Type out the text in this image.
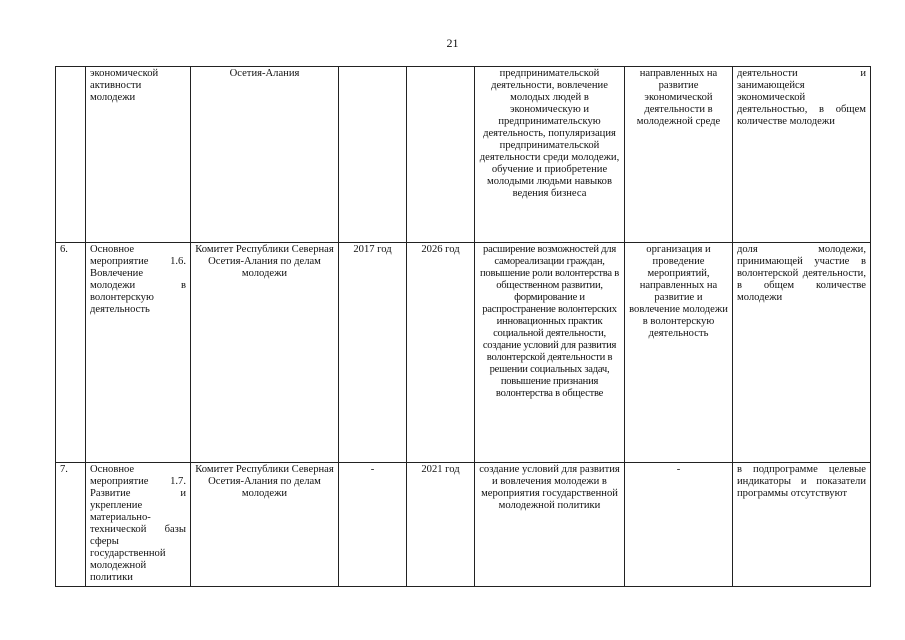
21
	экономической активности молодежи	Осетия-Алания			предпринимательской деятельности, вовлечение молодых людей в экономическую и предпринимательскую деятельность, популяризация предпринимательской деятельности среди молодежи, обучение и приобретение молодыми людьми навыков ведения бизнеса	направленных на развитие экономической деятельности в молодежной среде	деятельности и занимающейся экономической деятельностью, в общем количестве молодежи
6.	Основное мероприятие 1.6. Вовлечение молодежи в волонтерскую деятельность	Комитет Республики Северная Осетия-Алания по делам молодежи	2017 год	2026 год	расширение возможностей для самореализации граждан, повышение роли волонтерства в общественном развитии, формирование и распространение волонтерских инновационных практик социальной деятельности, создание условий для развития волонтерской деятельности в решении социальных задач, повышение признания волонтерства в обществе	организация и проведение мероприятий, направленных на развитие и вовлечение молодежи в волонтерскую деятельность	доля молодежи, принимающей участие в волонтерской деятельности, в общем количестве молодежи
7.	Основное мероприятие 1.7. Развитие и укрепление материально-технической базы сферы государственной молодежной политики	Комитет Республики Северная Осетия-Алания по делам молодежи	-	2021 год	создание условий для развития и вовлечения молодежи в мероприятия государственной молодежной политики	-	в подпрограмме целевые индикаторы и показатели программы отсутствуют
